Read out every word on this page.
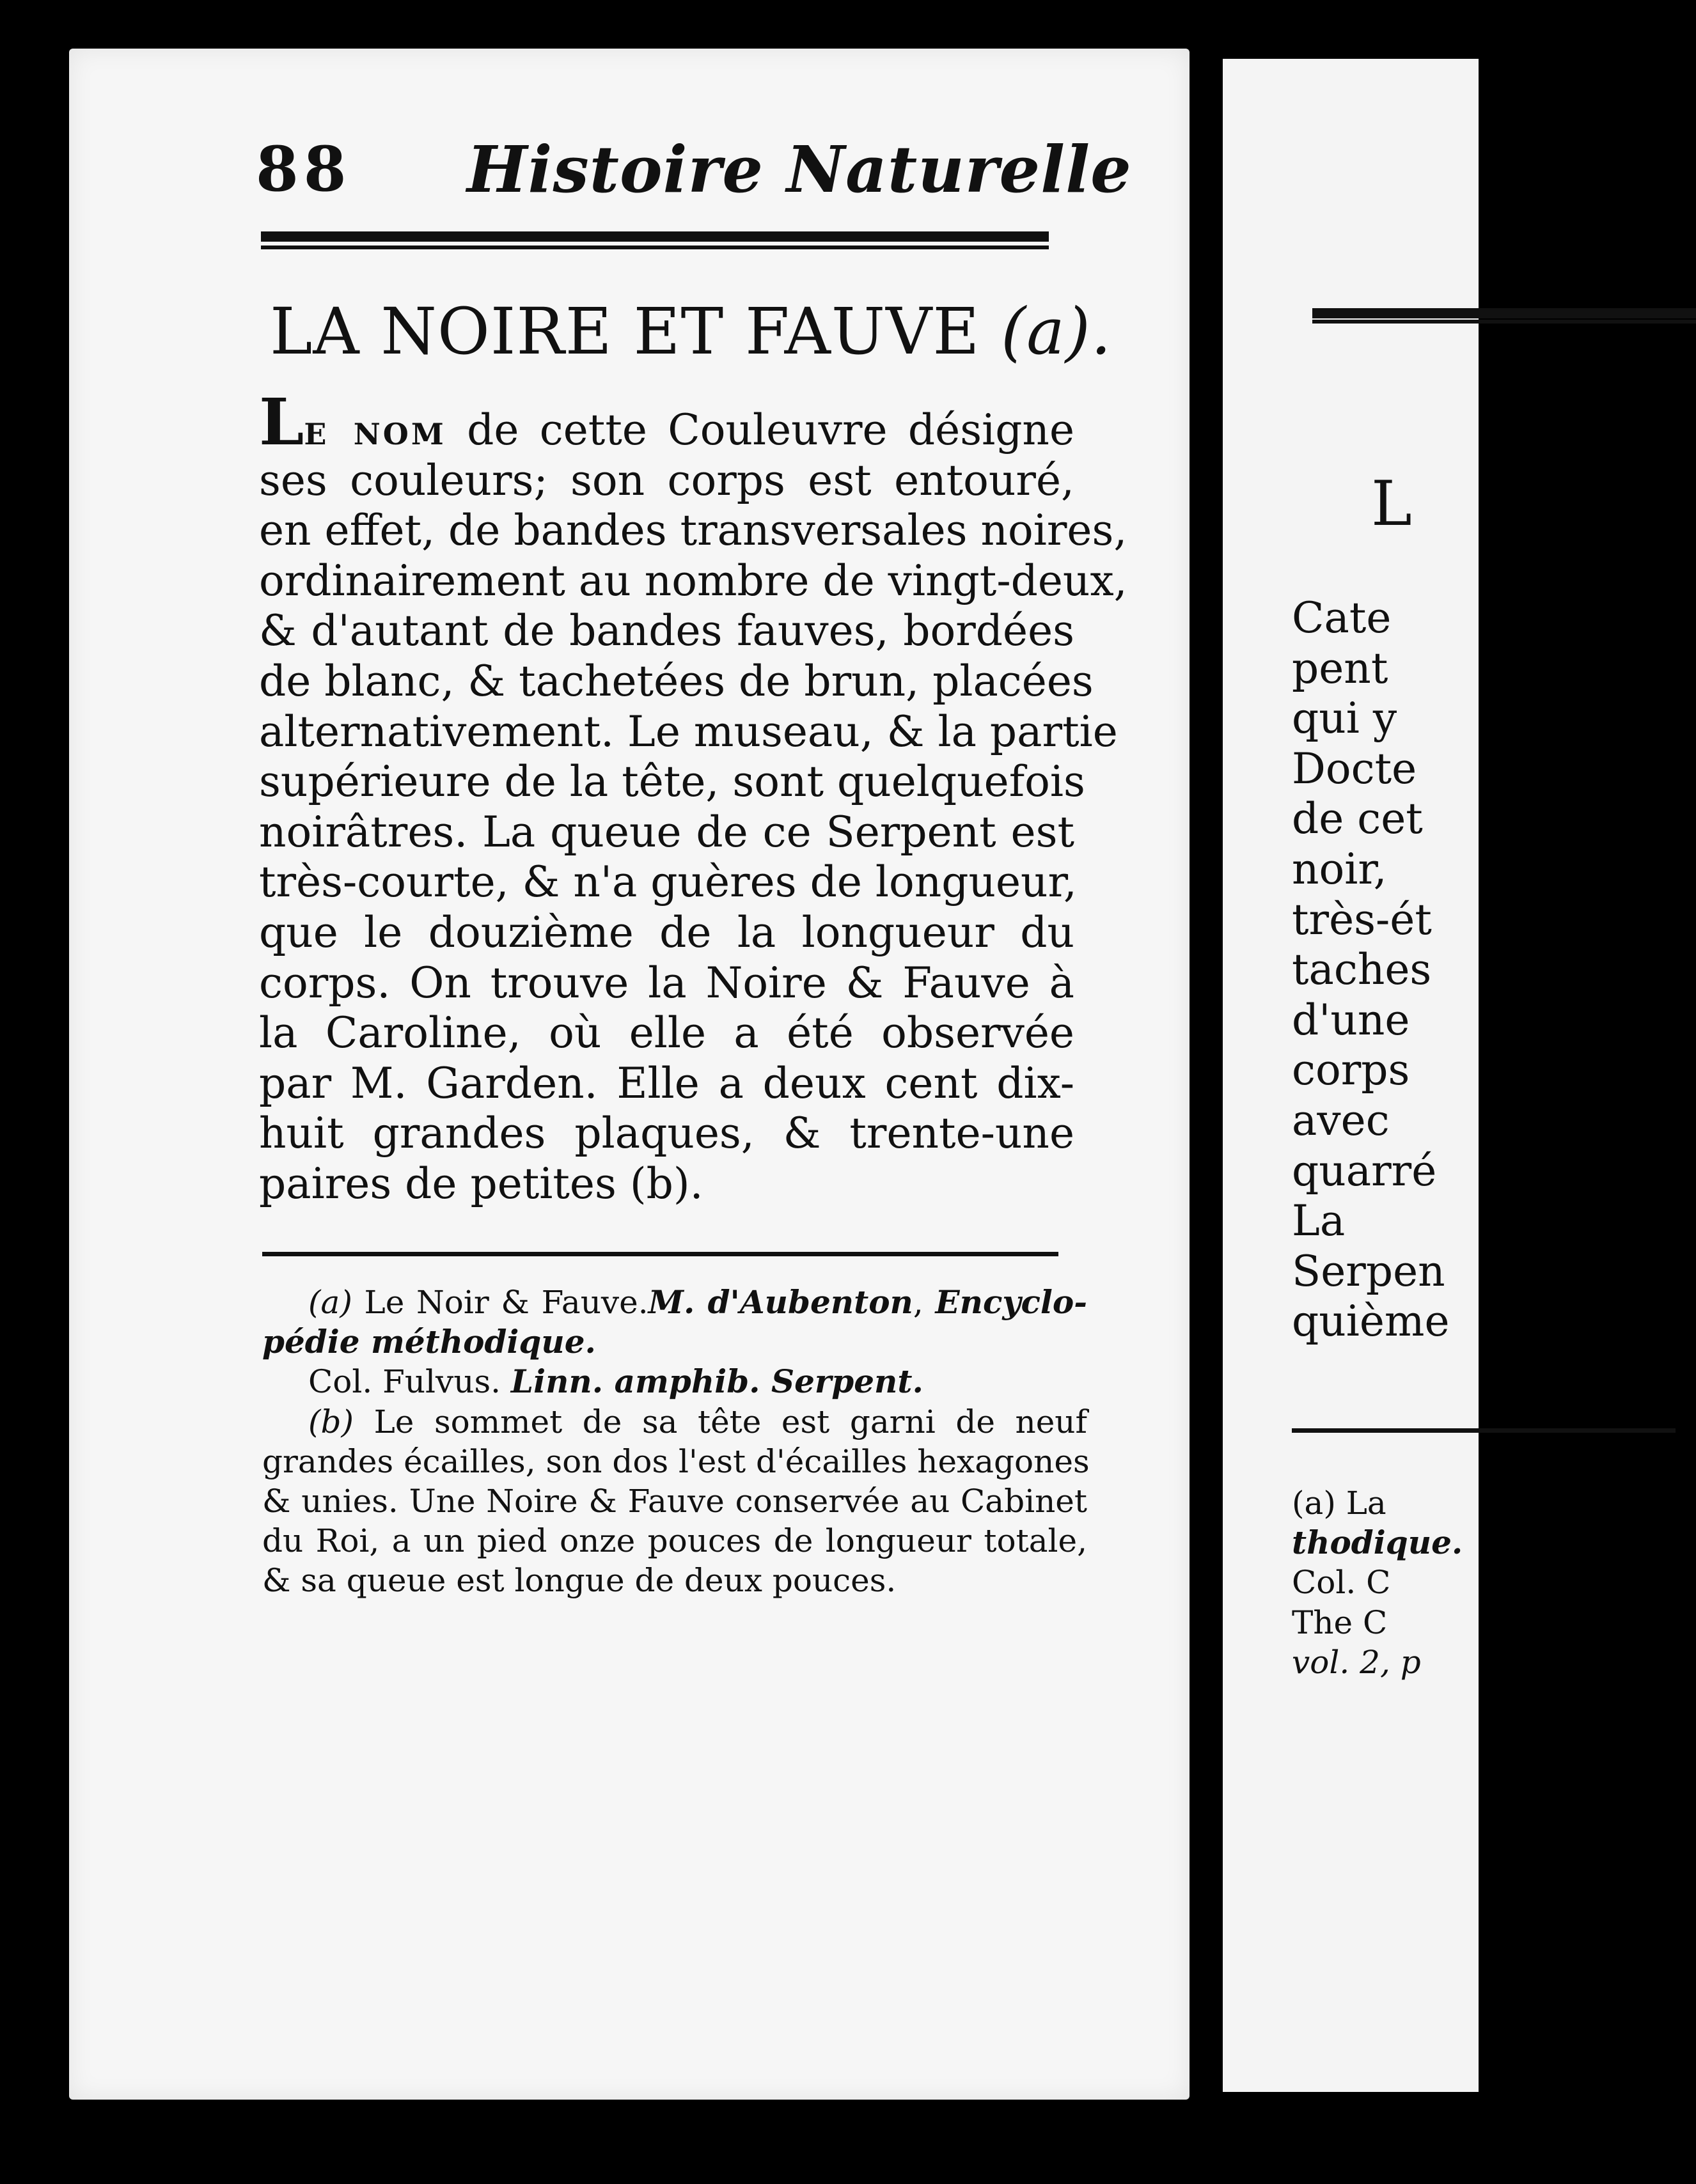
L
Cate
pent
qui y
Docte
de cet
noir,
très-ét
taches
d'une
corps
avec
quarré
La
Serpen
quième
(a) La
thodique.
Col. C
The C
vol. 2, p
88 Histoire Naturelle
LA NOIRE ET FAUVE (a).
Le nom de cette Couleuvre désigne
ses couleurs; son corps est entouré,
en effet, de bandes transversales noires,
ordinairement au nombre de vingt-deux,
& d'autant de bandes fauves, bordées
de blanc, & tachetées de brun, placées
alternativement. Le museau, & la partie
supérieure de la tête, sont quelquefois
noirâtres. La queue de ce Serpent est
très-courte, & n'a guères de longueur,
que le douzième de la longueur du
corps. On trouve la Noire & Fauve à
la Caroline, où elle a été observée
par M. Garden. Elle a deux cent dix-
huit grandes plaques, & trente-une
paires de petites (b).
(a) Le Noir & Fauve.M. d'Aubenton, Encyclo-
pédie méthodique.
Col. Fulvus. Linn. amphib. Serpent.
(b) Le sommet de sa tête est garni de neuf
grandes écailles, son dos l'est d'écailles hexagones
& unies. Une Noire & Fauve conservée au Cabinet
du Roi, a un pied onze pouces de longueur totale,
& sa queue est longue de deux pouces.
